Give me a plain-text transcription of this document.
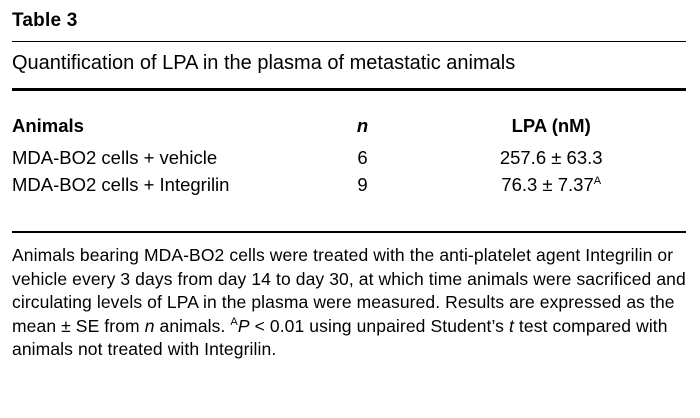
Table 3
Quantification of LPA in the plasma of metastatic animals
Animals	n	LPA (nM)
MDA-BO2 cells + vehicle	6	257.6 ± 63.3
MDA-BO2 cells + Integrilin	9	$76.3 \pm 7.37^A$

Animals bearing MDA-BO2 cells were treated with the anti-platelet agent Integrilin or vehicle every 3 days from day 14 to day 30, at which time animals were sacrificed and circulating levels of LPA in the plasma were measured. Results are expressed as the mean ± SE from n animals. $^A$P < 0.01 using unpaired Student’s t test compared with animals not treated with Integrilin.
